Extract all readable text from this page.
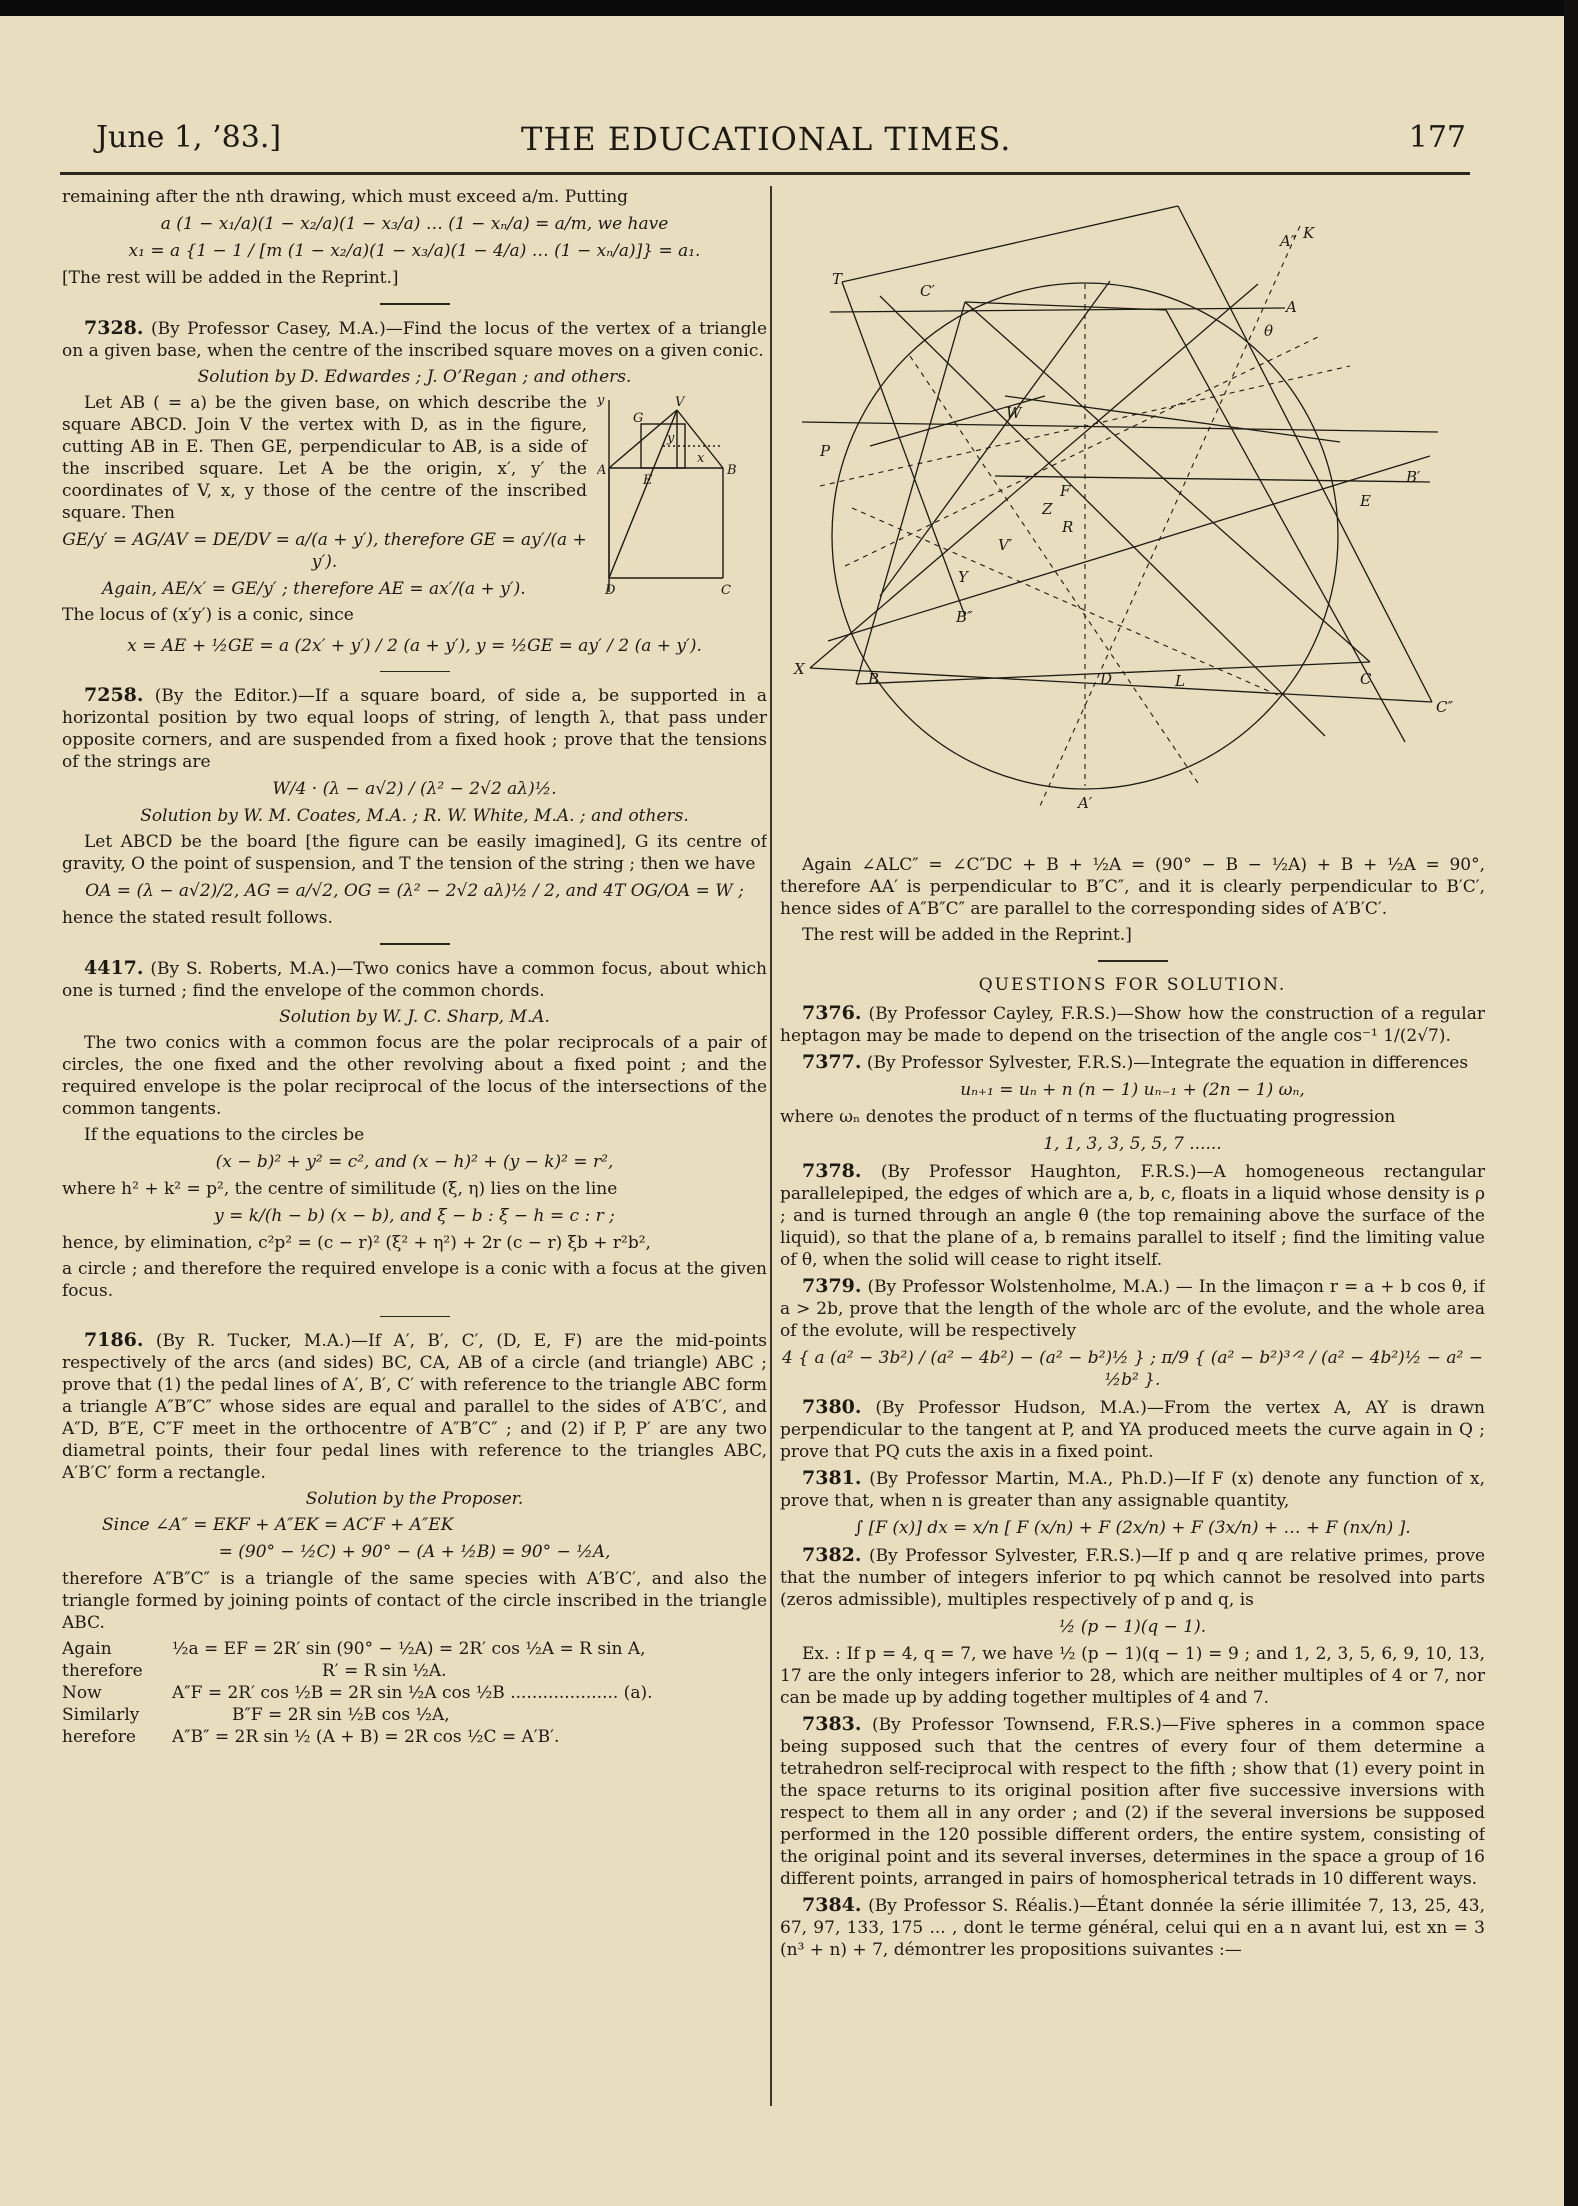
June 1, ’83.]	THE EDUCATIONAL TIMES.	177

remaining after the nth drawing, which must exceed a/m. Putting

a (1 − x₁/a)(1 − x₂/a)(1 − x₃/a) … (1 − xₙ/a) = a/m, we have

x₁ = a {1 − 1 / [m (1 − x₂/a)(1 − x₃/a)(1 − 4/a) … (1 − xₙ/a)]} = a₁.

[The rest will be added in the Reprint.]

7328. (By Professor Casey, M.A.)—Find the locus of the vertex of a triangle on a given base, when the centre of the inscribed square moves on a given conic.

Solution by D. Edwardes ; J. O’Regan ; and others.

y	V
G
y
A	B
E
x
D	C

Let AB ( = a) be the given base, on which describe the square ABCD. Join V the vertex with D, as in the figure, cutting AB in E. Then GE, perpendicular to AB, is a side of the inscribed square. Let A be the origin, x′, y′ the coordinates of V, x, y those of the centre of the inscribed square. Then

GE/y′ = AG/AV = DE/DV = a/(a + y′), therefore GE = ay′/(a + y′).

Again, AE/x′ = GE/y′ ; therefore AE = ax′/(a + y′).

The locus of (x′y′) is a conic, since

x = AE + ½GE = a (2x′ + y′) / 2 (a + y′), y = ½GE = ay′ / 2 (a + y′).

7258. (By the Editor.)—If a square board, of side a, be supported in a horizontal position by two equal loops of string, of length λ, that pass under opposite corners, and are suspended from a fixed hook ; prove that the tensions of the strings are

W/4 · (λ − a√2) / (λ² − 2√2 aλ)½.

Solution by W. M. Coates, M.A. ; R. W. White, M.A. ; and others.

Let ABCD be the board [the figure can be easily imagined], G its centre of gravity, O the point of suspension, and T the tension of the string ; then we have

OA = (λ − a√2)/2, AG = a/√2, OG = (λ² − 2√2 aλ)½ / 2, and 4T OG/OA = W ;

hence the stated result follows.

4417. (By S. Roberts, M.A.)—Two conics have a common focus, about which one is turned ; find the envelope of the common chords.

Solution by W. J. C. Sharp, M.A.

The two conics with a common focus are the polar reciprocals of a pair of circles, the one fixed and the other revolving about a fixed point ; and the required envelope is the polar reciprocal of the locus of the intersections of the common tangents.

If the equations to the circles be

(x − b)² + y² = c², and (x − h)² + (y − k)² = r²,

where h² + k² = p², the centre of similitude (ξ, η) lies on the line

y = k/(h − b) (x − b), and ξ − b : ξ − h = c : r ;

hence, by elimination, c²p² = (c − r)² (ξ² + η²) + 2r (c − r) ξb + r²b²,

a circle ; and therefore the required envelope is a conic with a focus at the given focus.

7186. (By R. Tucker, M.A.)—If A′, B′, C′, (D, E, F) are the mid-points respectively of the arcs (and sides) BC, CA, AB of a circle (and triangle) ABC ; prove that (1) the pedal lines of A′, B′, C′ with reference to the triangle ABC form a triangle A″B″C″ whose sides are equal and parallel to the sides of A′B′C′, and A″D, B″E, C″F meet in the orthocentre of A″B″C″ ; and (2) if P, P′ are any two diametral points, their four pedal lines with reference to the triangles ABC, A′B′C′ form a rectangle.

Solution by the Proposer.

Since ∠A″ = EKF + A″EK = AC′F + A″EK

= (90° − ½C) + 90° − (A + ½B) = 90° − ½A,

therefore A″B″C″ is a triangle of the same species with A′B′C′, and also the triangle formed by joining points of contact of the circle inscribed in the triangle ABC.

Again	½a = EF = 2R′ sin (90° − ½A) = 2R′ cos ½A = R sin A,
therefore	R′ = R sin ½A.
Now	A″F = 2R′ cos ½B = 2R sin ½A cos ½B .................... (a).
Similarly	B″F = 2R sin ½B cos ½A,
herefore	A″B″ = 2R sin ½ (A + B) = 2R cos ½C = A′B′.
T
C′
K
A
A″
θ
W
P
F
R
Z	E
B′
V′
Y
B″
X
B	D	L	C
C″
A′

Again ∠ALC″ = ∠C″DC + B + ½A = (90° − B − ½A) + B + ½A = 90°, therefore AA′ is perpendicular to B″C″, and it is clearly perpendicular to B′C′, hence sides of A″B″C″ are parallel to the corresponding sides of A′B′C′.

The rest will be added in the Reprint.]

QUESTIONS FOR SOLUTION.

7376. (By Professor Cayley, F.R.S.)—Show how the construction of a regular heptagon may be made to depend on the trisection of the angle cos⁻¹ 1/(2√7).

7377. (By Professor Sylvester, F.R.S.)—Integrate the equation in differences

uₙ₊₁ = uₙ + n (n − 1) uₙ₋₁ + (2n − 1) ωₙ,

where ωₙ denotes the product of n terms of the fluctuating progression

1, 1, 3, 3, 5, 5, 7 ......

7378. (By Professor Haughton, F.R.S.)—A homogeneous rectangular parallelepiped, the edges of which are a, b, c, floats in a liquid whose density is ρ ; and is turned through an angle θ (the top remaining above the surface of the liquid), so that the plane of a, b remains parallel to itself ; find the limiting value of θ, when the solid will cease to right itself.

7379. (By Professor Wolstenholme, M.A.) — In the limaçon r = a + b cos θ, if a > 2b, prove that the length of the whole arc of the evolute, and the whole area of the evolute, will be respectively

4 { a (a² − 3b²) / (a² − 4b²) − (a² − b²)½ } ; π/9 { (a² − b²)³ᐟ² / (a² − 4b²)½ − a² − ½b² }.

7380. (By Professor Hudson, M.A.)—From the vertex A, AY is drawn perpendicular to the tangent at P, and YA produced meets the curve again in Q ; prove that PQ cuts the axis in a fixed point.

7381. (By Professor Martin, M.A., Ph.D.)—If F (x) denote any function of x, prove that, when n is greater than any assignable quantity,

∫ [F (x)] dx = x/n [ F (x/n) + F (2x/n) + F (3x/n) + … + F (nx/n) ].

7382. (By Professor Sylvester, F.R.S.)—If p and q are relative primes, prove that the number of integers inferior to pq which cannot be resolved into parts (zeros admissible), multiples respectively of p and q, is

½ (p − 1)(q − 1).

Ex. : If p = 4, q = 7, we have ½ (p − 1)(q − 1) = 9 ; and 1, 2, 3, 5, 6, 9, 10, 13, 17 are the only integers inferior to 28, which are neither multiples of 4 or 7, nor can be made up by adding together multiples of 4 and 7.

7383. (By Professor Townsend, F.R.S.)—Five spheres in a common space being supposed such that the centres of every four of them determine a tetrahedron self-reciprocal with respect to the fifth ; show that (1) every point in the space returns to its original position after five successive inversions with respect to them all in any order ; and (2) if the several inversions be supposed performed in the 120 possible different orders, the entire system, consisting of the original point and its several inverses, determines in the space a group of 16 different points, arranged in pairs of homospherical tetrads in 10 different ways.

7384. (By Professor S. Réalis.)—Étant donnée la série illimitée 7, 13, 25, 43, 67, 97, 133, 175 ... , dont le terme général, celui qui en a n avant lui, est xn = 3 (n³ + n) + 7, démontrer les propositions suivantes :—
